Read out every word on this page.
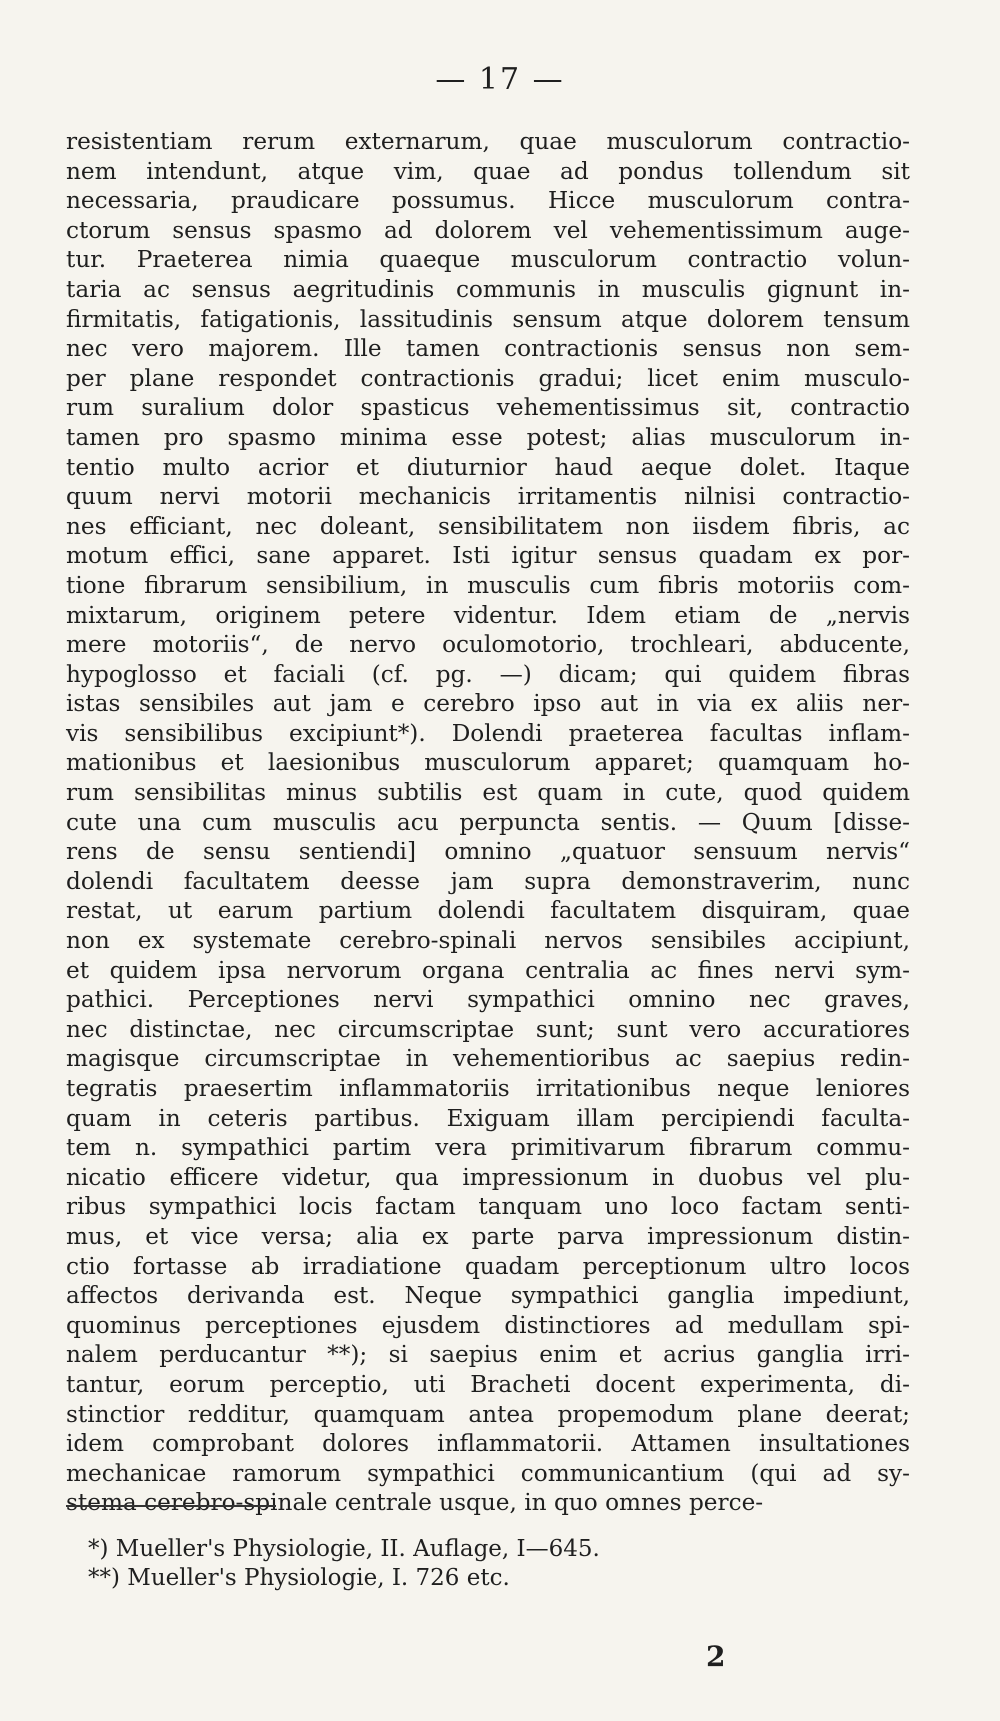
— 17 —
resistentiam rerum externarum, quae musculorum contractio-
nem intendunt, atque vim, quae ad pondus tollendum sit
necessaria, praudicare possumus. Hicce musculorum contra-
ctorum sensus spasmo ad dolorem vel vehementissimum auge-
tur. Praeterea nimia quaeque musculorum contractio volun-
taria ac sensus aegritudinis communis in musculis gignunt in-
firmitatis, fatigationis, lassitudinis sensum atque dolorem tensum
nec vero majorem. Ille tamen contractionis sensus non sem-
per plane respondet contractionis gradui; licet enim musculo-
rum suralium dolor spasticus vehementissimus sit, contractio
tamen pro spasmo minima esse potest; alias musculorum in-
tentio multo acrior et diuturnior haud aeque dolet. Itaque
quum nervi motorii mechanicis irritamentis nilnisi contractio-
nes efficiant, nec doleant, sensibilitatem non iisdem fibris, ac
motum effici, sane apparet. Isti igitur sensus quadam ex por-
tione fibrarum sensibilium, in musculis cum fibris motoriis com-
mixtarum, originem petere videntur. Idem etiam de „nervis
mere motoriis“, de nervo oculomotorio, trochleari, abducente,
hypoglosso et faciali (cf. pg. —) dicam; qui quidem fibras
istas sensibiles aut jam e cerebro ipso aut in via ex aliis ner-
vis sensibilibus excipiunt*). Dolendi praeterea facultas inflam-
mationibus et laesionibus musculorum apparet; quamquam ho-
rum sensibilitas minus subtilis est quam in cute, quod quidem
cute una cum musculis acu perpuncta sentis. — Quum [disse-
rens de sensu sentiendi] omnino „quatuor sensuum nervis“
dolendi facultatem deesse jam supra demonstraverim, nunc
restat, ut earum partium dolendi facultatem disquiram, quae
non ex systemate cerebro-spinali nervos sensibiles accipiunt,
et quidem ipsa nervorum organa centralia ac fines nervi sym-
pathici. Perceptiones nervi sympathici omnino nec graves,
nec distinctae, nec circumscriptae sunt; sunt vero accuratiores
magisque circumscriptae in vehementioribus ac saepius redin-
tegratis praesertim inflammatoriis irritationibus neque leniores
quam in ceteris partibus. Exiguam illam percipiendi faculta-
tem n. sympathici partim vera primitivarum fibrarum commu-
nicatio efficere videtur, qua impressionum in duobus vel plu-
ribus sympathici locis factam tanquam uno loco factam senti-
mus, et vice versa; alia ex parte parva impressionum distin-
ctio fortasse ab irradiatione quadam perceptionum ultro locos
affectos derivanda est. Neque sympathici ganglia impediunt,
quominus perceptiones ejusdem distinctiores ad medullam spi-
nalem perducantur **); si saepius enim et acrius ganglia irri-
tantur, eorum perceptio, uti Bracheti docent experimenta, di-
stinctior redditur, quamquam antea propemodum plane deerat;
idem comprobant dolores inflammatorii. Attamen insultationes
mechanicae ramorum sympathici communicantium (qui ad sy-
stema cerebro-spinale centrale usque, in quo omnes perce-
*) Mueller's Physiologie, II. Auflage, I—645.
**) Mueller's Physiologie, I. 726 etc.
2
